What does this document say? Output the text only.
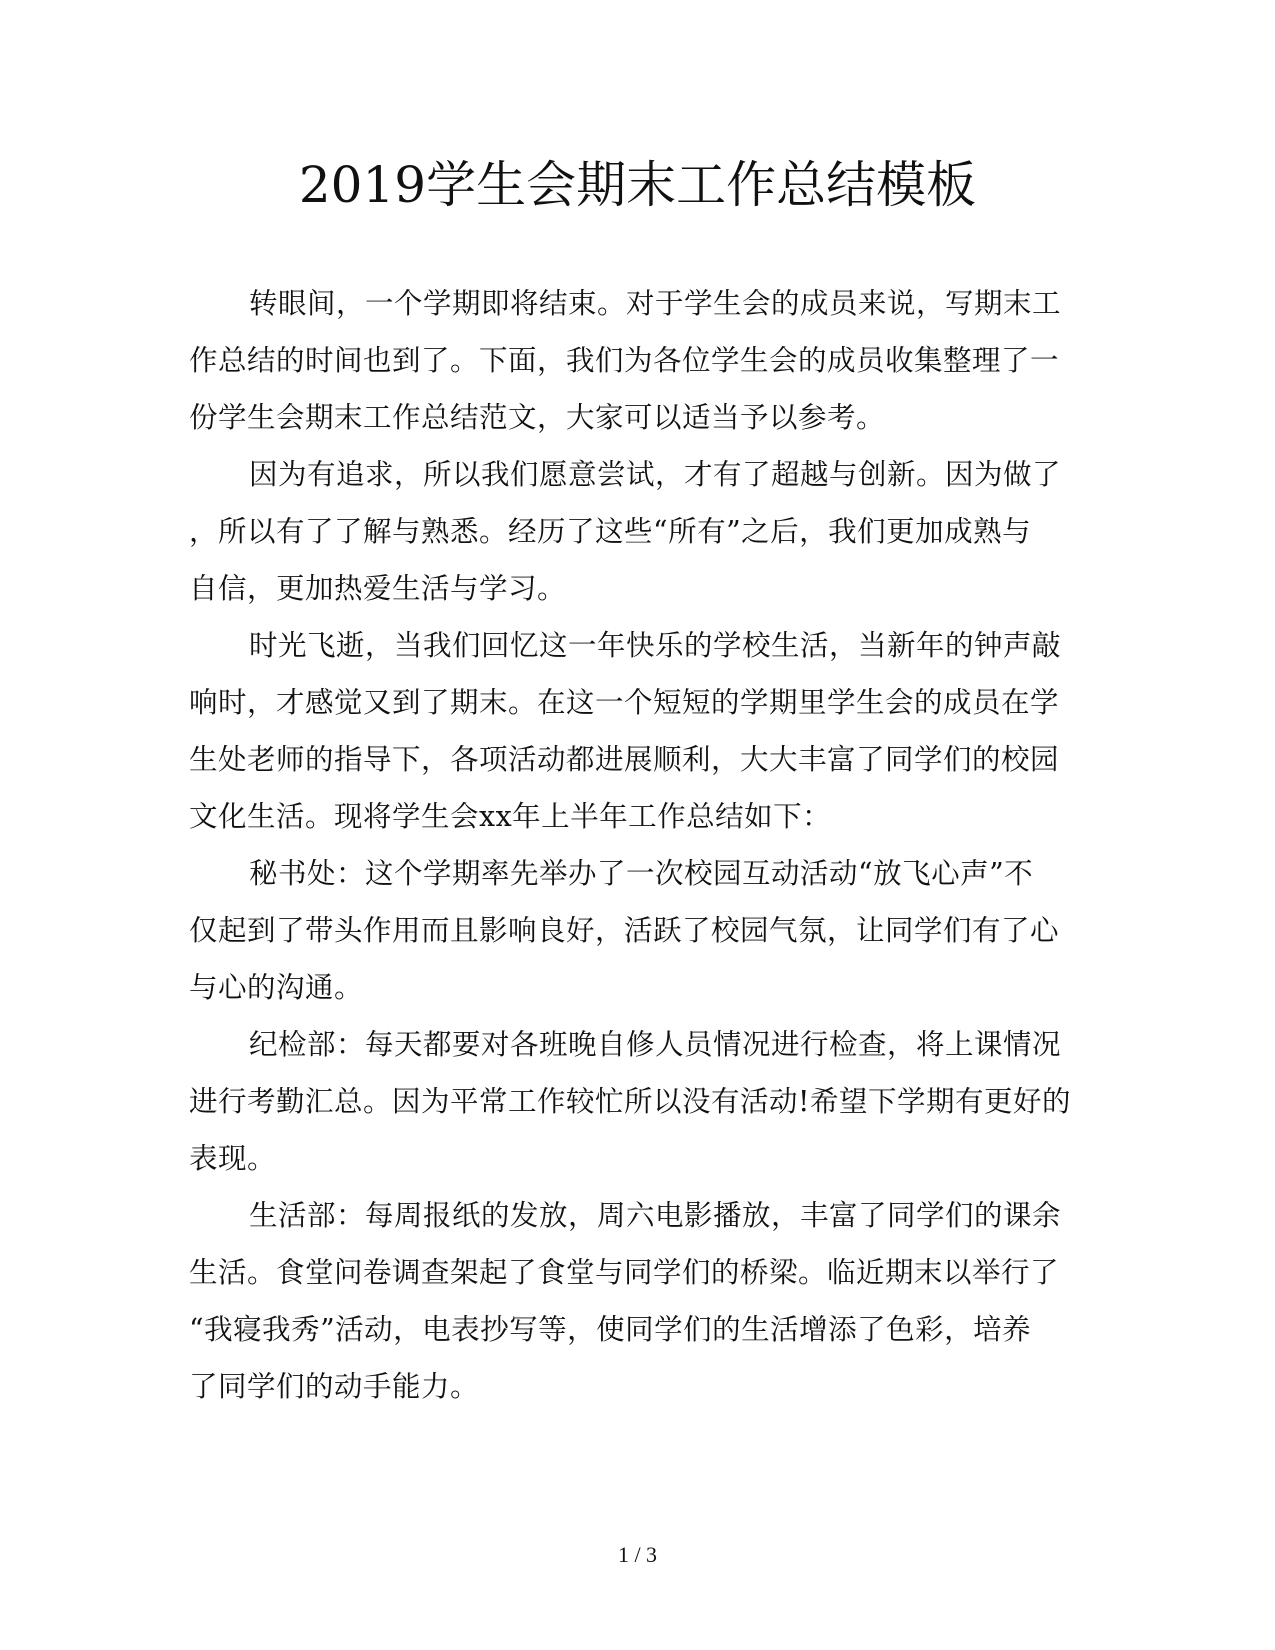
2019学生会期末工作总结模板
转眼间，一个学期即将结束。对于学生会的成员来说，写期末工
作总结的时间也到了。下面，我们为各位学生会的成员收集整理了一
份学生会期末工作总结范文，大家可以适当予以参考。
因为有追求，所以我们愿意尝试，才有了超越与创新。因为做了
，所以有了了解与熟悉。经历了这些“所有”之后，我们更加成熟与
自信，更加热爱生活与学习。
时光飞逝，当我们回忆这一年快乐的学校生活，当新年的钟声敲
响时，才感觉又到了期末。在这一个短短的学期里学生会的成员在学
生处老师的指导下，各项活动都进展顺利，大大丰富了同学们的校园
文化生活。现将学生会xx年上半年工作总结如下：
秘书处：这个学期率先举办了一次校园互动活动“放飞心声”不
仅起到了带头作用而且影响良好，活跃了校园气氛，让同学们有了心
与心的沟通。
纪检部：每天都要对各班晚自修人员情况进行检查，将上课情况
进行考勤汇总。因为平常工作较忙所以没有活动!希望下学期有更好的
表现。
生活部：每周报纸的发放，周六电影播放，丰富了同学们的课余
生活。食堂问卷调查架起了食堂与同学们的桥梁。临近期末以举行了
“我寝我秀”活动，电表抄写等，使同学们的生活增添了色彩，培养
了同学们的动手能力。
1 / 3
